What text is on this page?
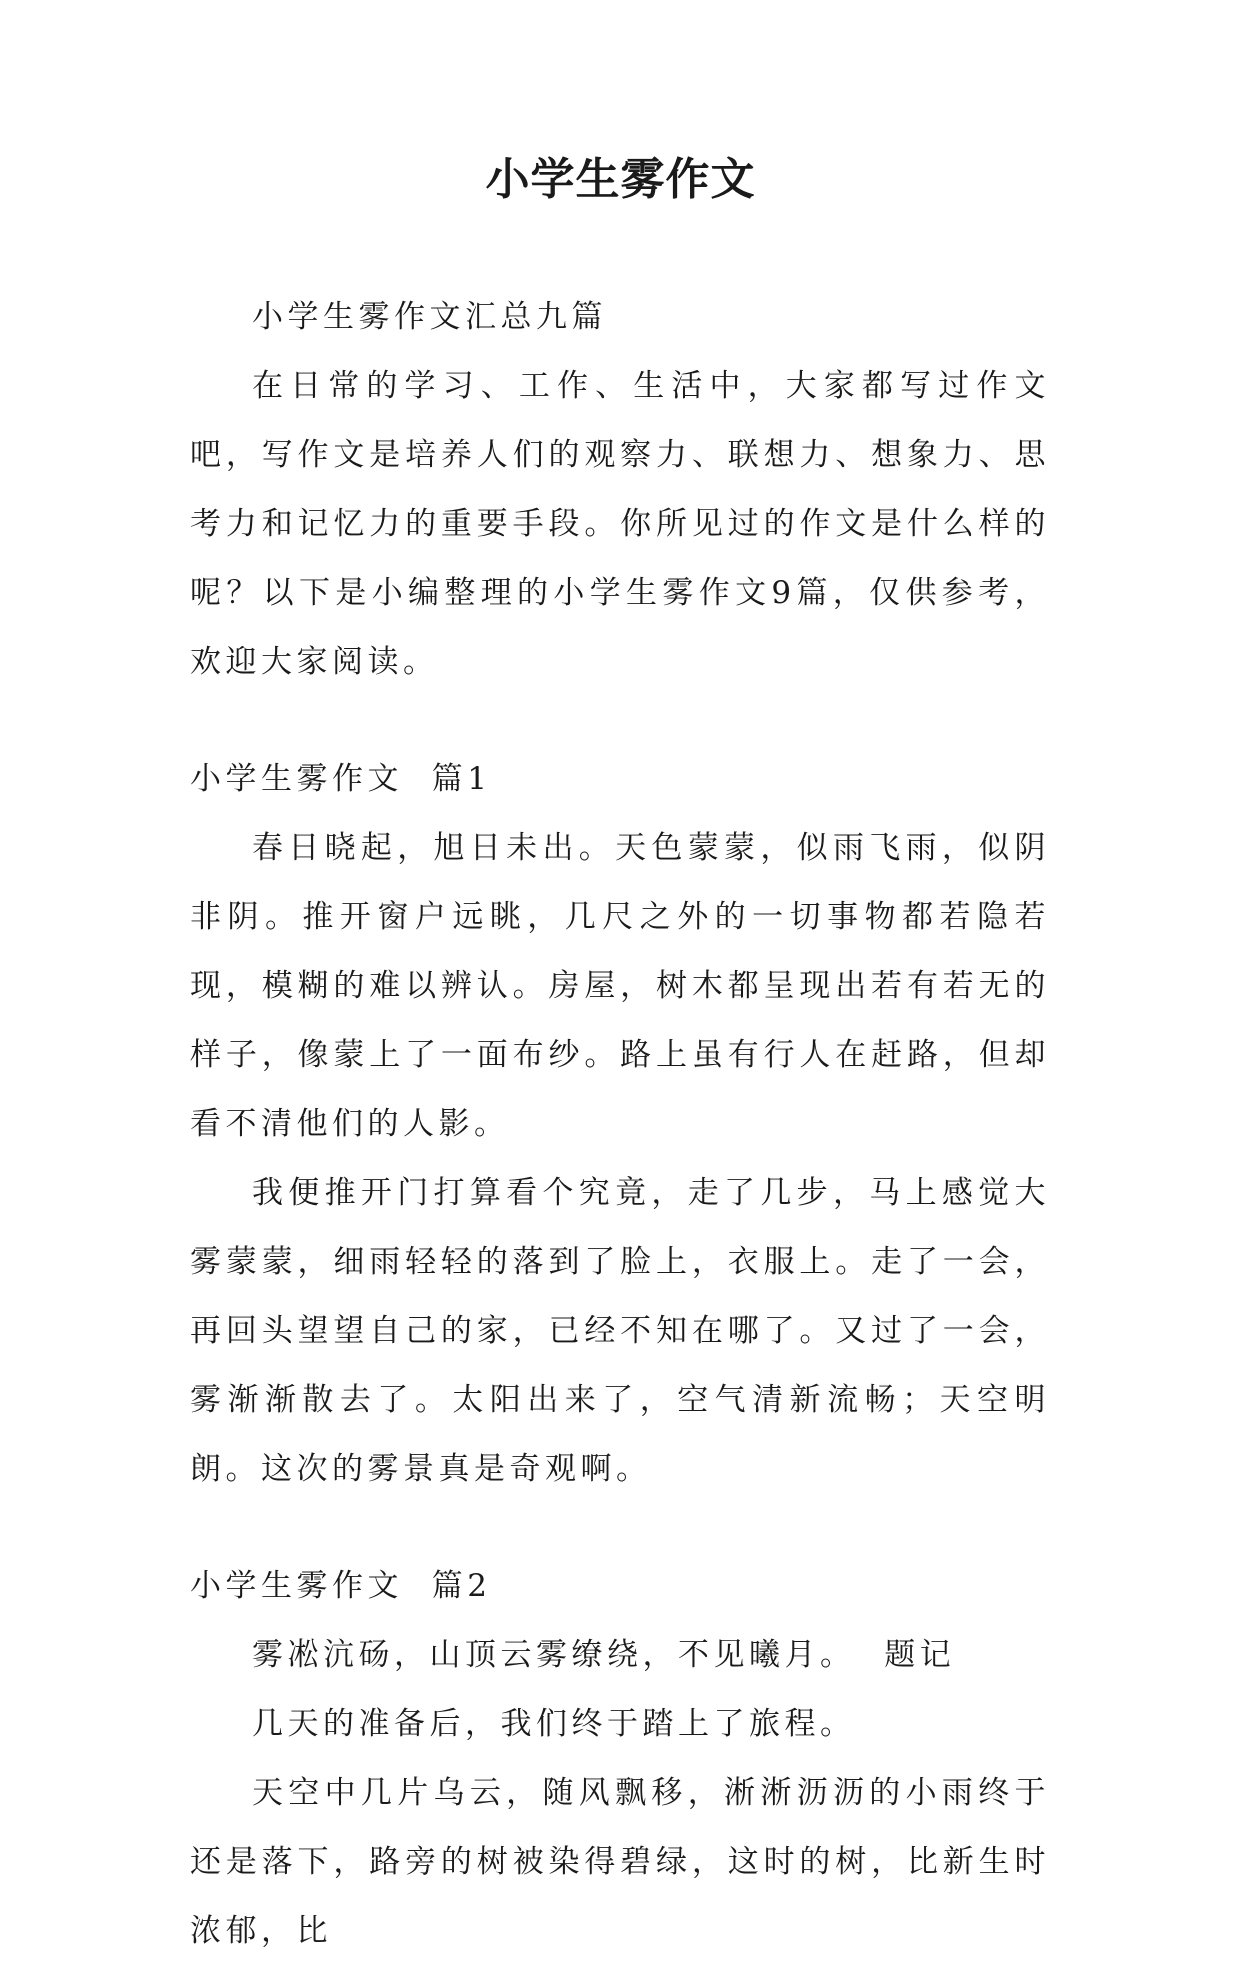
小学生雾作文

小学生雾作文汇总九篇

在日常的学习、工作、生活中，大家都写过作文吧，写作文是培养人们的观察力、联想力、想象力、思考力和记忆力的重要手段。你所见过的作文是什么样的呢？以下是小编整理的小学生雾作文9篇，仅供参考，欢迎大家阅读。

小学生雾作文  篇1

春日晓起，旭日未出。天色蒙蒙，似雨飞雨，似阴非阴。推开窗户远眺，几尺之外的一切事物都若隐若现，模糊的难以辨认。房屋，树木都呈现出若有若无的样子，像蒙上了一面布纱。路上虽有行人在赶路，但却看不清他们的人影。

我便推开门打算看个究竟，走了几步，马上感觉大雾蒙蒙，细雨轻轻的落到了脸上，衣服上。走了一会，再回头望望自己的家，已经不知在哪了。又过了一会，雾渐渐散去了。太阳出来了，空气清新流畅；天空明朗。这次的雾景真是奇观啊。

小学生雾作文  篇2

雾凇沆砀，山顶云雾缭绕，不见曦月。  题记

几天的准备后，我们终于踏上了旅程。

天空中几片乌云，随风飘移，淅淅沥沥的小雨终于还是落下，路旁的树被染得碧绿，这时的树，比新生时浓郁，比
